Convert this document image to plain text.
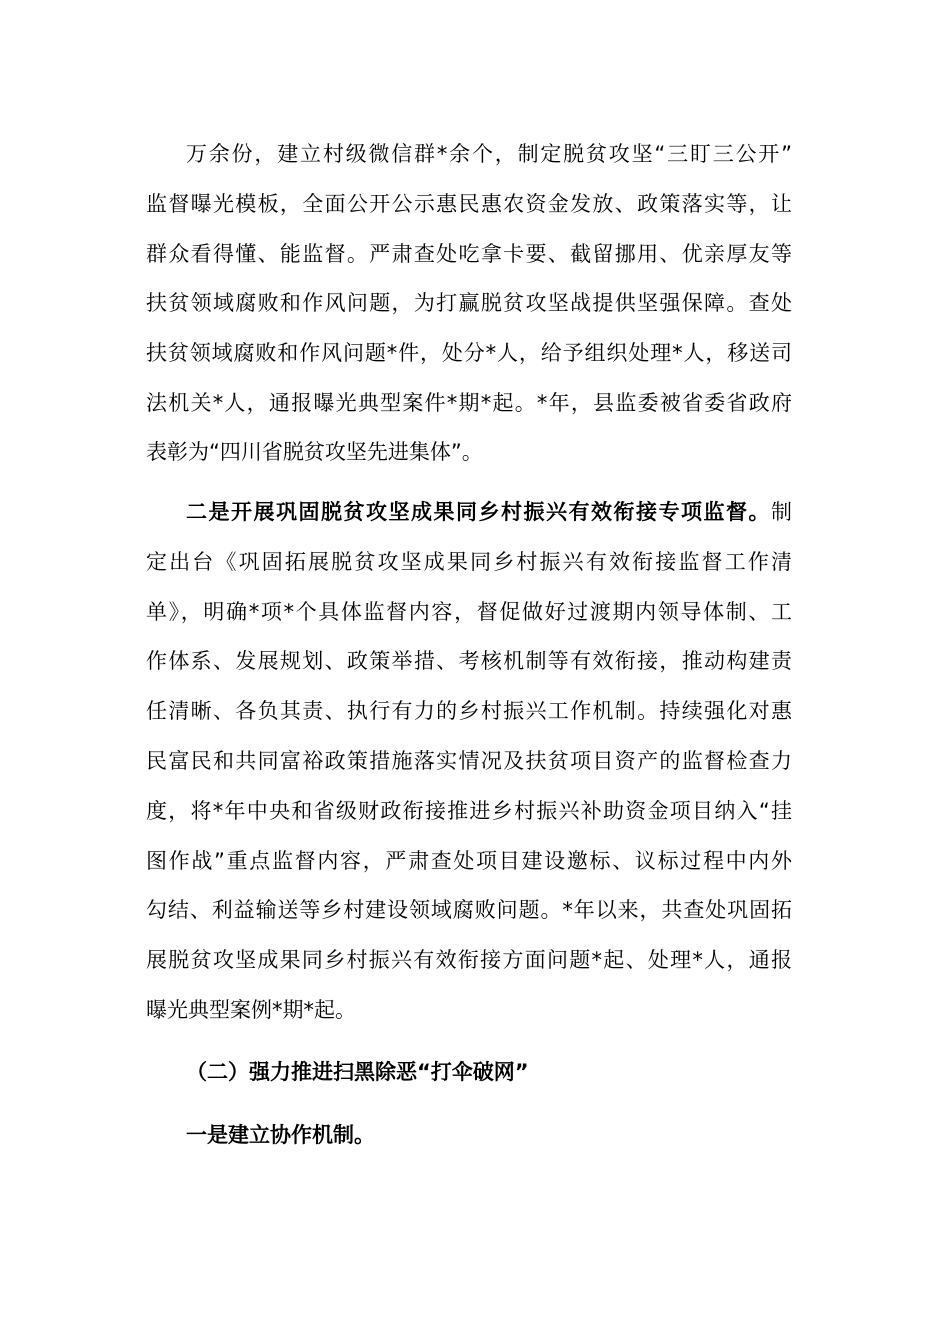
万余份，建立村级微信群*余个，制定脱贫攻坚“三盯三公开”
监督曝光模板，全面公开公示惠民惠农资金发放、政策落实等，让
群众看得懂、能监督。严肃查处吃拿卡要、截留挪用、优亲厚友等
扶贫领域腐败和作风问题，为打赢脱贫攻坚战提供坚强保障。查处
扶贫领域腐败和作风问题*件，处分*人，给予组织处理*人，移送司
法机关*人，通报曝光典型案件*期*起。*年，县监委被省委省政府
表彰为“四川省脱贫攻坚先进集体”。
二是开展巩固脱贫攻坚成果同乡村振兴有效衔接专项监督。制
定出台《巩固拓展脱贫攻坚成果同乡村振兴有效衔接监督工作清
单》，明确*项*个具体监督内容，督促做好过渡期内领导体制、工
作体系、发展规划、政策举措、考核机制等有效衔接，推动构建责
任清晰、各负其责、执行有力的乡村振兴工作机制。持续强化对惠
民富民和共同富裕政策措施落实情况及扶贫项目资产的监督检查力
度，将*年中央和省级财政衔接推进乡村振兴补助资金项目纳入“挂
图作战”重点监督内容，严肃查处项目建设邀标、议标过程中内外
勾结、利益输送等乡村建设领域腐败问题。*年以来，共查处巩固拓
展脱贫攻坚成果同乡村振兴有效衔接方面问题*起、处理*人，通报
曝光典型案例*期*起。
（二）强力推进扫黑除恶“打伞破网”
一是建立协作机制。
